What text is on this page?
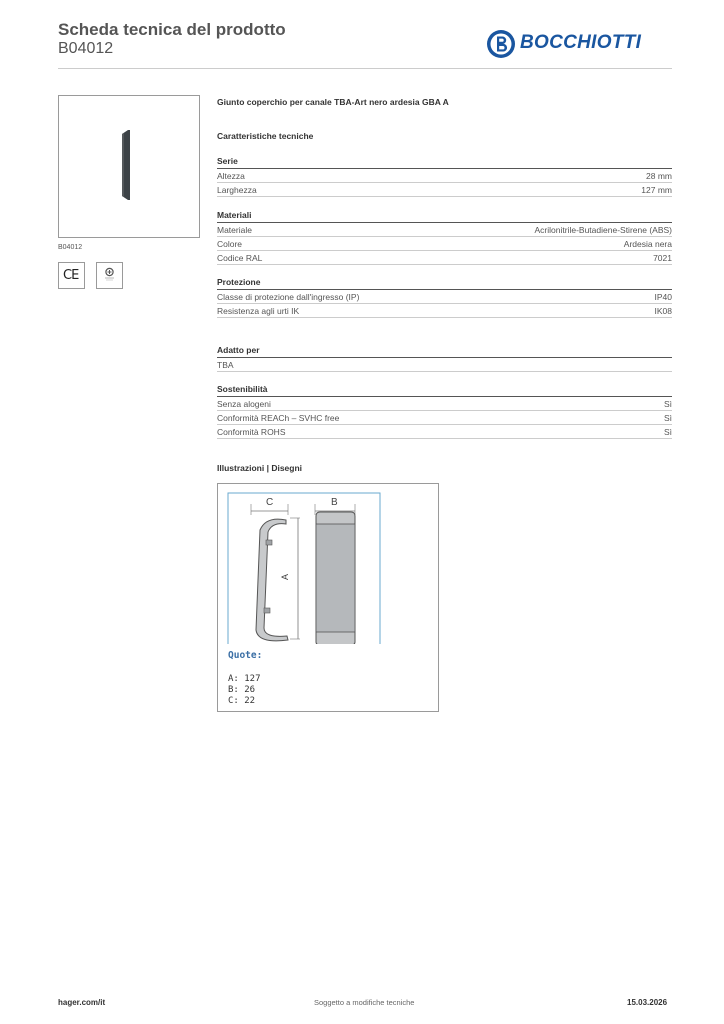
Scheda tecnica del prodotto
B04012	BOCCHIOTTI
B04012
CE
Giunto coperchio per canale TBA-Art nero ardesia GBA A
Caratteristiche tecniche
Serie
Altezza	28 mm
Larghezza	127 mm
Materiali
Materiale	Acrilonitrile-Butadiene-Stirene (ABS)
Colore	Ardesia nera
Codice RAL	7021
Protezione
Classe di protezione dall'ingresso (IP)	IP40
Resistenza agli urti IK	IK08
Adatto per
TBA
Sostenibilità
Senza alogeni	Sì
Conformità REACh – SVHC free	Sì
Conformità ROHS	Sì
Illustrazioni | Disegni
C	B
A
Quote:
A: 127
B: 26
C: 22
hager.com/it	Soggetto a modifiche tecniche	15.03.2026
